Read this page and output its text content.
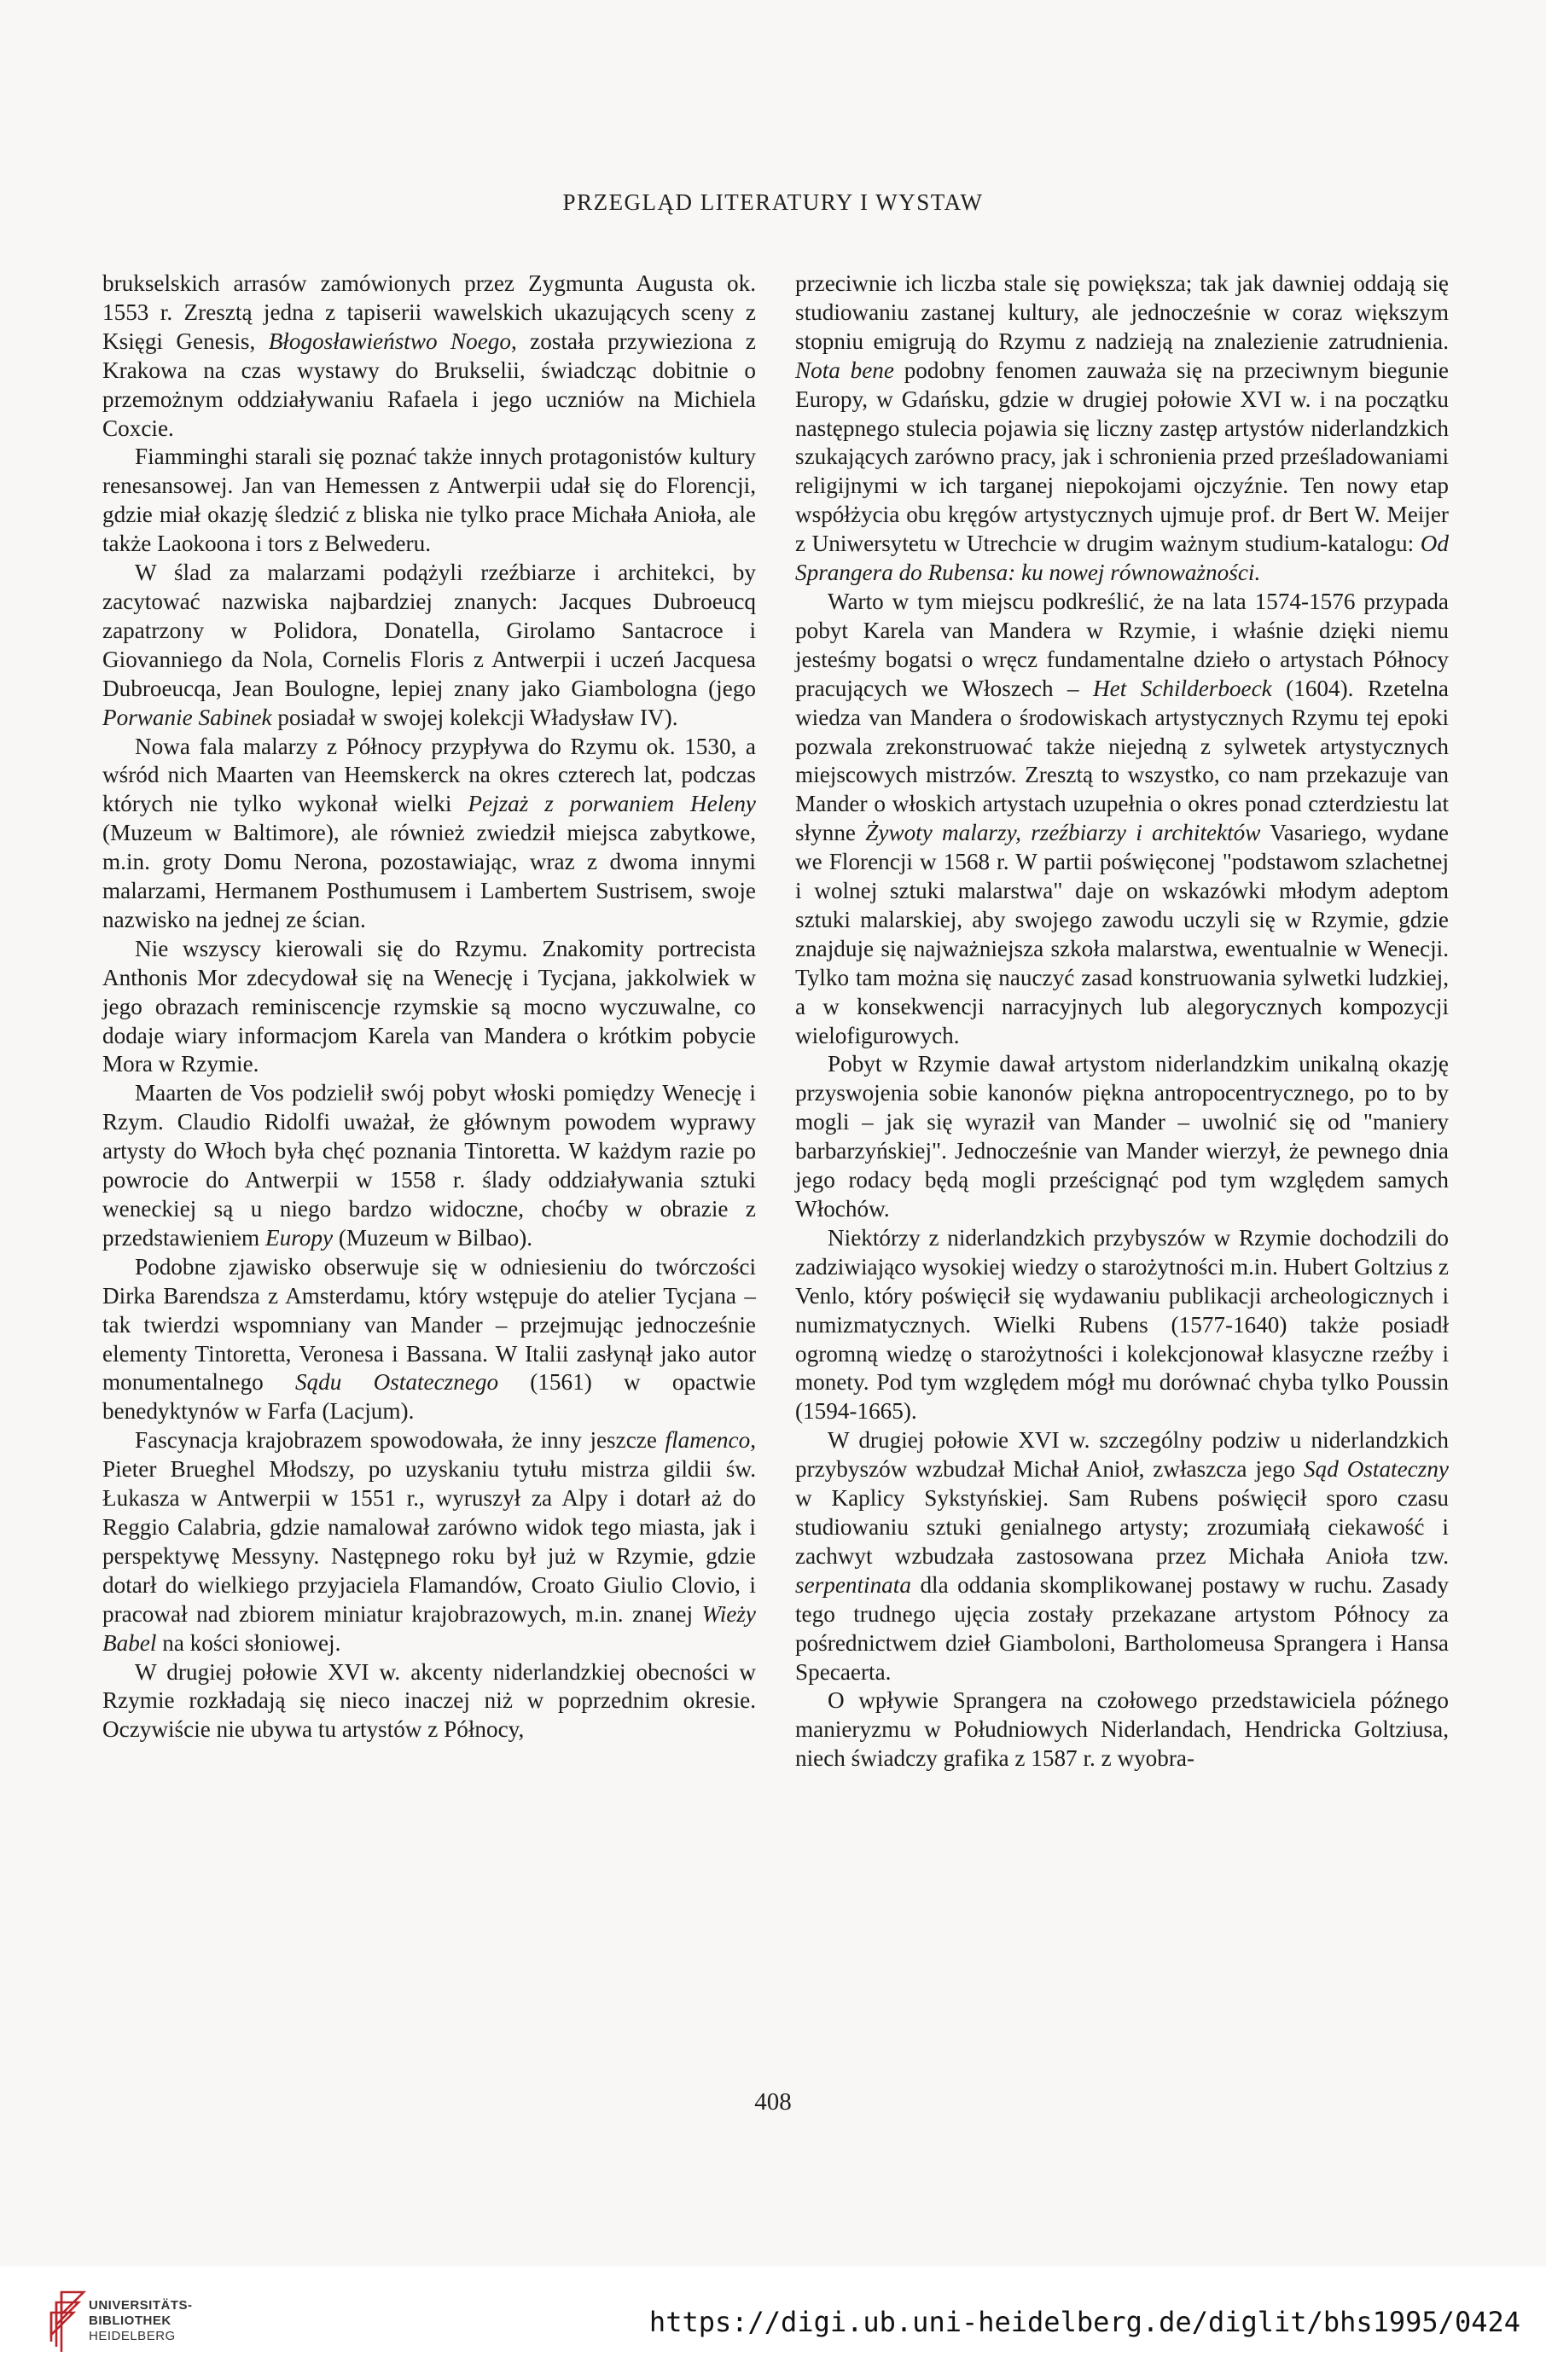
PRZEGLĄD LITERATURY I WYSTAW

brukselskich arrasów zamówionych przez Zygmunta Augusta ok. 1553 r. Zresztą jedna z tapiserii wawelskich ukazujących sceny z Księgi Genesis, Błogosławieństwo Noego, została przywieziona z Krakowa na czas wystawy do Brukselii, świadcząc dobitnie o przemożnym oddziaływaniu Rafaela i jego uczniów na Michiela Coxcie.

Fiamminghi starali się poznać także innych protagonistów kultury renesansowej. Jan van Hemessen z Antwerpii udał się do Florencji, gdzie miał okazję śledzić z bliska nie tylko prace Michała Anioła, ale także Laokoona i tors z Belwederu.

W ślad za malarzami podążyli rzeźbiarze i architekci, by zacytować nazwiska najbardziej znanych: Jacques Dubroeucq zapatrzony w Polidora, Donatella, Girolamo Santacroce i Giovanniego da Nola, Cornelis Floris z Antwerpii i uczeń Jacquesa Dubroeucqa, Jean Boulogne, lepiej znany jako Giambologna (jego Porwanie Sabinek posiadał w swojej kolekcji Władysław IV).

Nowa fala malarzy z Północy przypływa do Rzymu ok. 1530, a wśród nich Maarten van Heemskerck na okres czterech lat, podczas których nie tylko wykonał wielki Pejzaż z porwaniem Heleny (Muzeum w Baltimore), ale również zwiedził miejsca zabytkowe, m.in. groty Domu Nerona, pozostawiając, wraz z dwoma innymi malarzami, Hermanem Posthumusem i Lambertem Sustrisem, swoje nazwisko na jednej ze ścian.

Nie wszyscy kierowali się do Rzymu. Znakomity portrecista Anthonis Mor zdecydował się na Wenecję i Tycjana, jakkolwiek w jego obrazach reminiscencje rzymskie są mocno wyczuwalne, co dodaje wiary informacjom Karela van Mandera o krótkim pobycie Mora w Rzymie.

Maarten de Vos podzielił swój pobyt włoski pomiędzy Wenecję i Rzym. Claudio Ridolfi uważał, że głównym powodem wyprawy artysty do Włoch była chęć poznania Tintoretta. W każdym razie po powrocie do Antwerpii w 1558 r. ślady oddziaływania sztuki weneckiej są u niego bardzo widoczne, choćby w obrazie z przedstawieniem Europy (Muzeum w Bilbao).

Podobne zjawisko obserwuje się w odniesieniu do twórczości Dirka Barendsza z Amsterdamu, który wstępuje do atelier Tycjana – tak twierdzi wspomniany van Mander – przejmując jednocześnie elementy Tintoretta, Veronesa i Bassana. W Italii zasłynął jako autor monumentalnego Sądu Ostatecznego (1561) w opactwie benedyktynów w Farfa (Lacjum).

Fascynacja krajobrazem spowodowała, że inny jeszcze flamenco, Pieter Brueghel Młodszy, po uzyskaniu tytułu mistrza gildii św. Łukasza w Antwerpii w 1551 r., wyruszył za Alpy i dotarł aż do Reggio Calabria, gdzie namalował zarówno widok tego miasta, jak i perspektywę Messyny. Następnego roku był już w Rzymie, gdzie dotarł do wielkiego przyjaciela Flamandów, Croato Giulio Clovio, i pracował nad zbiorem miniatur krajobrazowych, m.in. znanej Wieży Babel na kości słoniowej.

W drugiej połowie XVI w. akcenty niderlandzkiej obecności w Rzymie rozkładają się nieco inaczej niż w poprzednim okresie. Oczywiście nie ubywa tu artystów z Północy,

przeciwnie ich liczba stale się powiększa; tak jak dawniej oddają się studiowaniu zastanej kultury, ale jednocześnie w coraz większym stopniu emigrują do Rzymu z nadzieją na znalezienie zatrudnienia. Nota bene podobny fenomen zauważa się na przeciwnym biegunie Europy, w Gdańsku, gdzie w drugiej połowie XVI w. i na początku następnego stulecia pojawia się liczny zastęp artystów niderlandzkich szukających zarówno pracy, jak i schronienia przed prześladowaniami religijnymi w ich targanej niepokojami ojczyźnie. Ten nowy etap współżycia obu kręgów artystycznych ujmuje prof. dr Bert W. Meijer z Uniwersytetu w Utrechcie w drugim ważnym studium-katalogu: Od Sprangera do Rubensa: ku nowej równoważności.

Warto w tym miejscu podkreślić, że na lata 1574-1576 przypada pobyt Karela van Mandera w Rzymie, i właśnie dzięki niemu jesteśmy bogatsi o wręcz fundamentalne dzieło o artystach Północy pracujących we Włoszech – Het Schilderboeck (1604). Rzetelna wiedza van Mandera o środowiskach artystycznych Rzymu tej epoki pozwala zrekonstruować także niejedną z sylwetek artystycznych miejscowych mistrzów. Zresztą to wszystko, co nam przekazuje van Mander o włoskich artystach uzupełnia o okres ponad czterdziestu lat słynne Żywoty malarzy, rzeźbiarzy i architektów Vasariego, wydane we Florencji w 1568 r. W partii poświęconej "podstawom szlachetnej i wolnej sztuki malarstwa" daje on wskazówki młodym adeptom sztuki malarskiej, aby swojego zawodu uczyli się w Rzymie, gdzie znajduje się najważniejsza szkoła malarstwa, ewentualnie w Wenecji. Tylko tam można się nauczyć zasad konstruowania sylwetki ludzkiej, a w konsekwencji narracyjnych lub alegorycznych kompozycji wielofigurowych.

Pobyt w Rzymie dawał artystom niderlandzkim unikalną okazję przyswojenia sobie kanonów piękna antropocentrycznego, po to by mogli – jak się wyraził van Mander – uwolnić się od "maniery barbarzyńskiej". Jednocześnie van Mander wierzył, że pewnego dnia jego rodacy będą mogli prześcignąć pod tym względem samych Włochów.

Niektórzy z niderlandzkich przybyszów w Rzymie dochodzili do zadziwiająco wysokiej wiedzy o starożytności m.in. Hubert Goltzius z Venlo, który poświęcił się wydawaniu publikacji archeologicznych i numizmatycznych. Wielki Rubens (1577-1640) także posiadł ogromną wiedzę o starożytności i kolekcjonował klasyczne rzeźby i monety. Pod tym względem mógł mu dorównać chyba tylko Poussin (1594-1665).

W drugiej połowie XVI w. szczególny podziw u niderlandzkich przybyszów wzbudzał Michał Anioł, zwłaszcza jego Sąd Ostateczny w Kaplicy Sykstyńskiej. Sam Rubens poświęcił sporo czasu studiowaniu sztuki genialnego artysty; zrozumiałą ciekawość i zachwyt wzbudzała zastosowana przez Michała Anioła tzw. serpentinata dla oddania skomplikowanej postawy w ruchu. Zasady tego trudnego ujęcia zostały przekazane artystom Północy za pośrednictwem dzieł Giamboloni, Bartholomeusa Sprangera i Hansa Specaerta.

O wpływie Sprangera na czołowego przedstawiciela późnego manieryzmu w Południowych Niderlandach, Hendricka Goltziusa, niech świadczy grafika z 1587 r. z wyobra-

408
UNIVERSITÄTS-
BIBLIOTHEK
HEIDELBERG	https://digi.ub.uni-heidelberg.de/diglit/bhs1995/0424
